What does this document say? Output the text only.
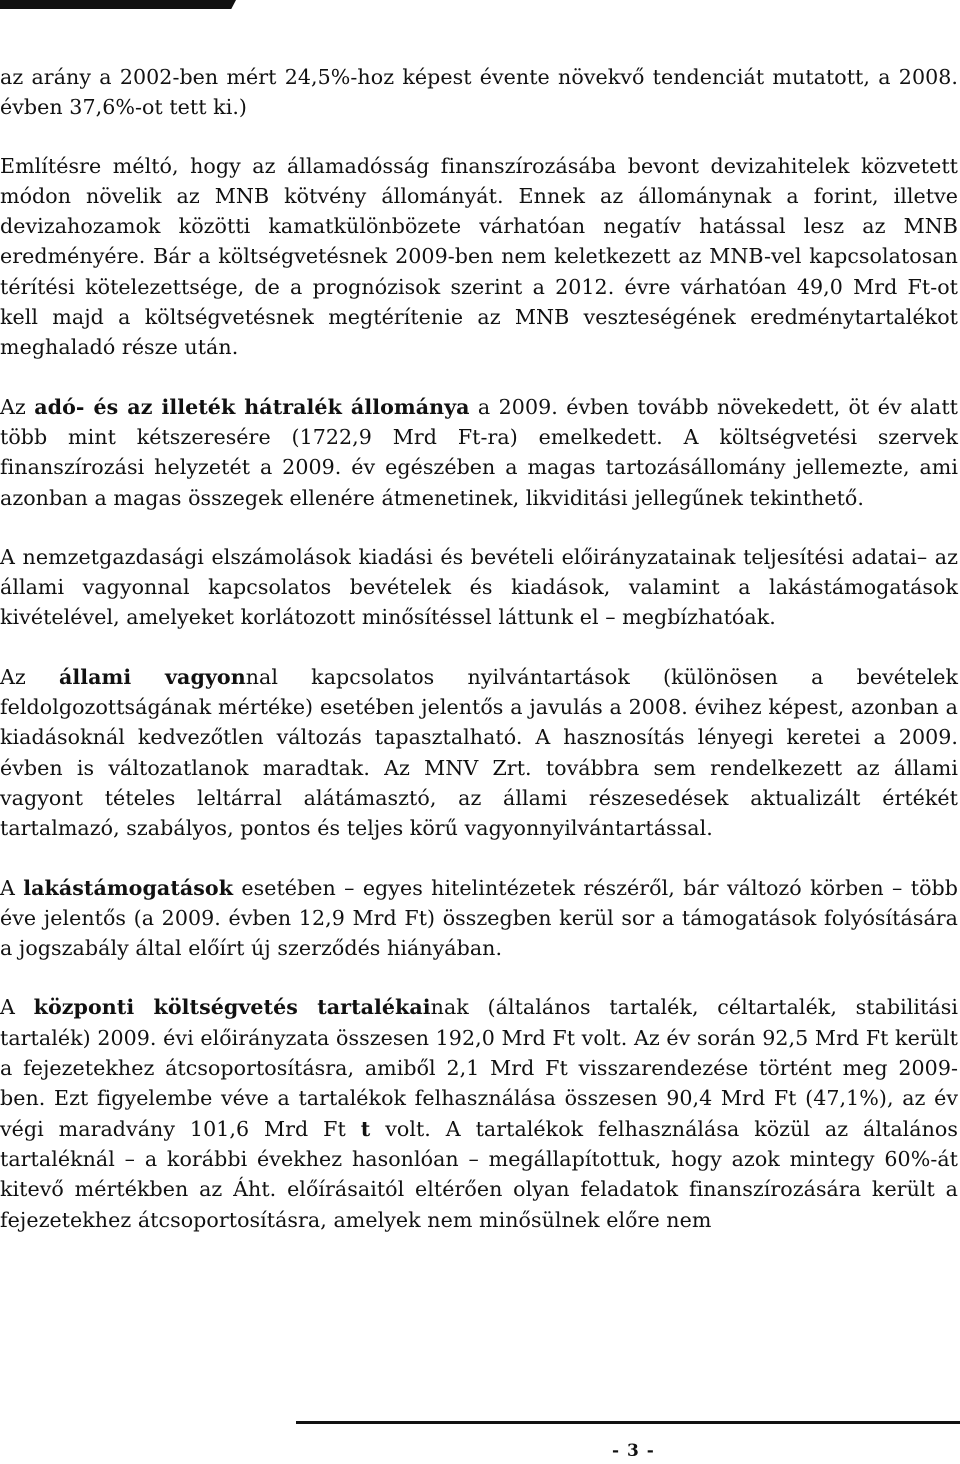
az arány a 2002-ben mért 24,5%-hoz képest évente növekvő tendenciát mutatott, a 2008. évben 37,6%-ot tett ki.)

Említésre méltó, hogy az államadósság finanszírozásába bevont devizahitelek közvetett módon növelik az MNB kötvény állományát. Ennek az állománynak a forint, illetve devizahozamok közötti kamatkülönbözete várhatóan negatív hatással lesz az MNB eredményére. Bár a költségvetésnek 2009-ben nem keletkezett az MNB-vel kapcsolatosan térítési kötelezettsége, de a prognózisok szerint a 2012. évre várhatóan 49,0 Mrd Ft-ot kell majd a költségvetésnek megtérítenie az MNB veszteségének eredménytartalékot meghaladó része után.

Az adó- és az illeték hátralék állománya a 2009. évben tovább növekedett, öt év alatt több mint kétszeresére (1722,9 Mrd Ft-ra) emelkedett. A költségvetési szervek finanszírozási helyzetét a 2009. év egészében a magas tartozásállomány jellemezte, ami azonban a magas összegek ellenére átmenetinek, likviditási jellegűnek tekinthető.

A nemzetgazdasági elszámolások kiadási és bevételi előirányzatainak teljesítési adatai– az állami vagyonnal kapcsolatos bevételek és kiadások, valamint a lakástámogatások kivételével, amelyeket korlátozott minősítéssel láttunk el – megbízhatóak.

Az állami vagyonnal kapcsolatos nyilvántartások (különösen a bevételek feldolgozottságának mértéke) esetében jelentős a javulás a 2008. évihez képest, azonban a kiadásoknál kedvezőtlen változás tapasztalható. A hasznosítás lényegi keretei a 2009. évben is változatlanok maradtak. Az MNV Zrt. továbbra sem rendelkezett az állami vagyont tételes leltárral alátámasztó, az állami részesedések aktualizált értékét tartalmazó, szabályos, pontos és teljes körű vagyonnyilvántartással.

A lakástámogatások esetében – egyes hitelintézetek részéről, bár változó körben – több éve jelentős (a 2009. évben 12,9 Mrd Ft) összegben kerül sor a támogatások folyósítására a jogszabály által előírt új szerződés hiányában.

A központi költségvetés tartalékainak (általános tartalék, céltartalék, stabilitási tartalék) 2009. évi előirányzata összesen 192,0 Mrd Ft volt. Az év során 92,5 Mrd Ft került a fejezetekhez átcsoportosításra, amiből 2,1 Mrd Ft visszarendezése történt meg 2009-ben. Ezt figyelembe véve a tartalékok felhasználása összesen 90,4 Mrd Ft (47,1%), az év végi maradvány 101,6 Mrd Ft t volt. A tartalékok felhasználása közül az általános tartaléknál – a korábbi évekhez hasonlóan – megállapítottuk, hogy azok mintegy 60%-át kitevő mértékben az Áht. előírásaitól eltérően olyan feladatok finanszírozására került a fejezetekhez átcsoportosításra, amelyek nem minősülnek előre nem

- 3 -
